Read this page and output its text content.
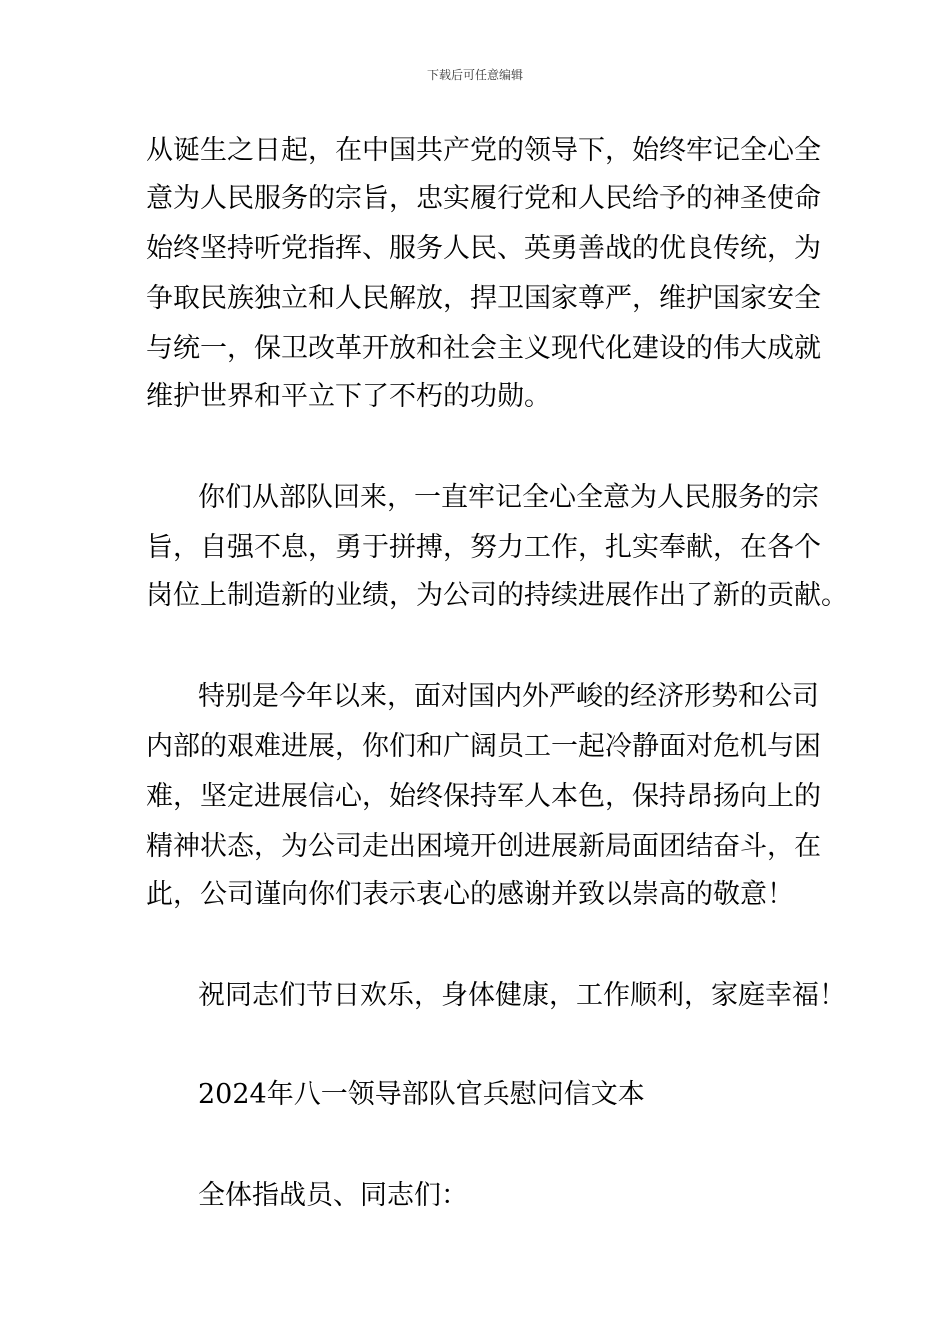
下载后可任意编辑
从诞生之日起，在中国共产党的领导下，始终牢记全心全
意为人民服务的宗旨，忠实履行党和人民给予的神圣使命
始终坚持听党指挥、服务人民、英勇善战的优良传统，为
争取民族独立和人民解放，捍卫国家尊严，维护国家安全
与统一，保卫改革开放和社会主义现代化建设的伟大成就
维护世界和平立下了不朽的功勋。
你们从部队回来，一直牢记全心全意为人民服务的宗
旨，自强不息，勇于拼搏，努力工作，扎实奉献，在各个
岗位上制造新的业绩，为公司的持续进展作出了新的贡献。
特别是今年以来，面对国内外严峻的经济形势和公司
内部的艰难进展，你们和广阔员工一起冷静面对危机与困
难，坚定进展信心，始终保持军人本色，保持昂扬向上的
精神状态，为公司走出困境开创进展新局面团结奋斗，在
此，公司谨向你们表示衷心的感谢并致以崇高的敬意！
祝同志们节日欢乐，身体健康，工作顺利，家庭幸福！
2024年八一领导部队官兵慰问信文本
全体指战员、同志们：
